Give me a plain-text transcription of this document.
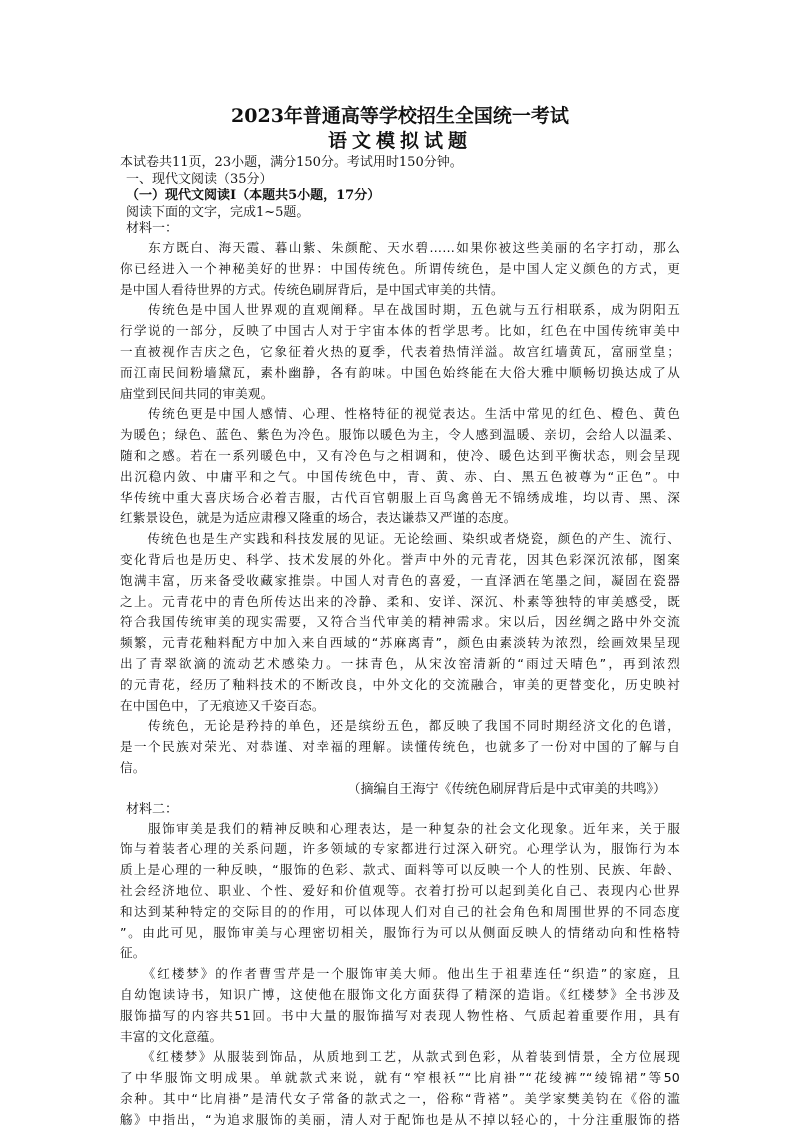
2023年普通高等学校招生全国统一考试
语文模拟试题

本试卷共11页，23小题，满分150分。考试用时150分钟。

一、现代文阅读（35分）

（一）现代文阅读Ⅰ（本题共5小题，17分）

阅读下面的文字，完成1~5题。

材料一：

　　东方既白、海天霞、暮山紫、朱颜酡、天水碧……如果你被这些美丽的名字打动，那么

你已经进入一个神秘美好的世界：中国传统色。所谓传统色，是中国人定义颜色的方式，更

是中国人看待世界的方式。传统色刷屏背后，是中国式审美的共情。

　　传统色是中国人世界观的直观阐释。早在战国时期，五色就与五行相联系，成为阴阳五

行学说的一部分，反映了中国古人对于宇宙本体的哲学思考。比如，红色在中国传统审美中

一直被视作吉庆之色，它象征着火热的夏季，代表着热情洋溢。故宫红墙黄瓦，富丽堂皇；

而江南民间粉墙黛瓦，素朴幽静，各有韵味。中国色始终能在大俗大雅中顺畅切换达成了从

庙堂到民间共同的审美观。

　　传统色更是中国人感情、心理、性格特征的视觉表达。生活中常见的红色、橙色、黄色

为暖色；绿色、蓝色、紫色为冷色。服饰以暖色为主，令人感到温暖、亲切，会给人以温柔、

随和之感。若在一系列暖色中，又有冷色与之相调和，使冷、暖色达到平衡状态，则会呈现

出沉稳内敛、中庸平和之气。中国传统色中，青、黄、赤、白、黑五色被尊为“正色”。中

华传统中重大喜庆场合必着吉服，古代百官朝服上百鸟禽兽无不锦绣成堆，均以青、黑、深

红紫景设色，就是为适应肃穆又隆重的场合，表达谦恭又严谨的态度。

　　传统色也是生产实践和科技发展的见证。无论绘画、染织或者烧瓷，颜色的产生、流行、

变化背后也是历史、科学、技术发展的外化。誉声中外的元青花，因其色彩深沉浓郁，图案

饱满丰富，历来备受收藏家推崇。中国人对青色的喜爱，一直泽洒在笔墨之间，凝固在瓷器

之上。元青花中的青色所传达出来的冷静、柔和、安详、深沉、朴素等独特的审美感受，既

符合我国传统审美的现实需要，又符合当代审美的精神需求。宋以后，因丝绸之路中外交流

频繁，元青花釉料配方中加入来自西域的“苏麻离青”，颜色由素淡转为浓烈，绘画效果呈现

出了青翠欲滴的流动艺术感染力。一抹青色，从宋汝窑清新的“雨过天晴色”，再到浓烈

的元青花，经历了釉料技术的不断改良，中外文化的交流融合，审美的更替变化，历史映衬

在中国色中，了无痕迹又千姿百态。

　　传统色，无论是矜持的单色，还是缤纷五色，都反映了我国不同时期经济文化的色谱，

是一个民族对荣光、对恭谨、对幸福的理解。读懂传统色，也就多了一份对中国的了解与自

信。

（摘编自王海宁《传统色刷屏背后是中式审美的共鸣》）

材料二：

　　服饰审美是我们的精神反映和心理表达，是一种复杂的社会文化现象。近年来，关于服

饰与着装者心理的关系问题，许多领域的专家都进行过深入研究。心理学认为，服饰行为本

质上是心理的一种反映，“服饰的色彩、款式、面料等可以反映一个人的性别、民族、年龄、

社会经济地位、职业、个性、爱好和价值观等。衣着打扮可以起到美化自己、表现内心世界

和达到某种特定的交际目的的作用，可以体现人们对自己的社会角色和周围世界的不同态度

”。由此可见，服饰审美与心理密切相关，服饰行为可以从侧面反映人的情绪动向和性格特

征。

　　《红楼梦》的作者曹雪芹是一个服饰审美大师。他出生于祖辈连任“织造”的家庭，且

自幼饱读诗书，知识广博，这使他在服饰文化方面获得了精深的造诣。《红楼梦》全书涉及

服饰描写的内容共51回。书中大量的服饰描写对表现人物性格、气质起着重要作用，具有

丰富的文化意蕴。

　　《红楼梦》从服装到饰品，从质地到工艺，从款式到色彩，从着装到情景，全方位展现

了中华服饰文明成果。单就款式来说，就有“窄根袄”“比肩褂”“花绫裤”“绫锦裙”等50

余种。其中“比肩褂”是清代女子常备的款式之一，俗称“背褡”。美学家樊美钧在《俗的滥

觞》中指出，“为追求服饰的美丽，清人对于配饰也是从不掉以轻心的，十分注重服饰的搭
